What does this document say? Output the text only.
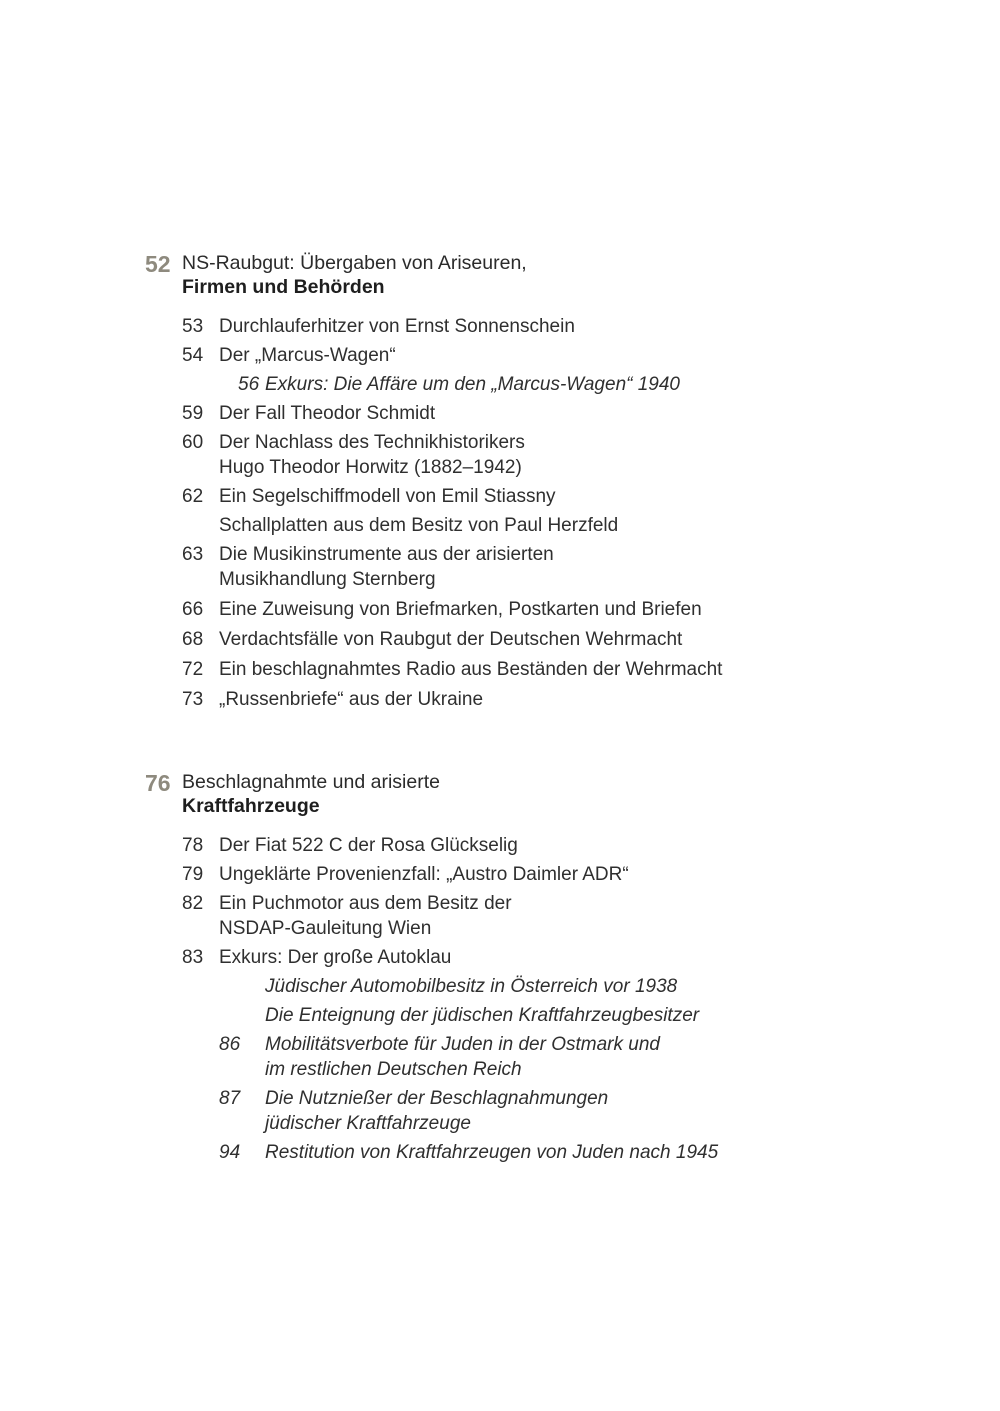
52 NS-Raubgut: Übergaben von Ariseuren,
Firmen und Behörden
53 Durchlauferhitzer von Ernst Sonnenschein
54 Der „Marcus-Wagen“
56 Exkurs: Die Affäre um den „Marcus-Wagen“ 1940
59 Der Fall Theodor Schmidt
60 Der Nachlass des Technikhistorikers
Hugo Theodor Horwitz (1882–1942)
62 Ein Segelschiffmodell von Emil Stiassny
Schallplatten aus dem Besitz von Paul Herzfeld
63 Die Musikinstrumente aus der arisierten
Musikhandlung Sternberg
66 Eine Zuweisung von Briefmarken, Postkarten und Briefen
68 Verdachtsfälle von Raubgut der Deutschen Wehrmacht
72 Ein beschlagnahmtes Radio aus Beständen der Wehrmacht
73 „Russenbriefe“ aus der Ukraine
76 Beschlagnahmte und arisierte
Kraftfahrzeuge
78 Der Fiat 522 C der Rosa Glückselig
79 Ungeklärte Provenienzfall: „Austro Daimler ADR“
82 Ein Puchmotor aus dem Besitz der
NSDAP-Gauleitung Wien
83 Exkurs: Der große Autoklau
Jüdischer Automobilbesitz in Österreich vor 1938
Die Enteignung der jüdischen Kraftfahrzeugbesitzer
86 Mobilitätsverbote für Juden in der Ostmark und
im restlichen Deutschen Reich
87 Die Nutznießer der Beschlagnahmungen
jüdischer Kraftfahrzeuge
94 Restitution von Kraftfahrzeugen von Juden nach 1945
